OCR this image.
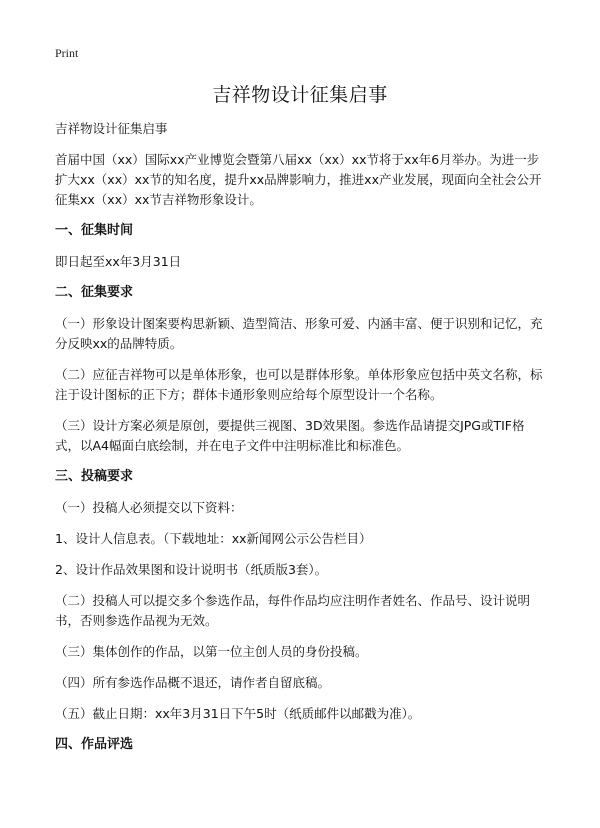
Print
吉祥物设计征集启事

吉祥物设计征集启事

首届中国（xx）国际xx产业博览会暨第八届xx（xx）xx节将于xx年6月举办。为进一步扩大xx（xx）xx节的知名度，提升xx品牌影响力，推进xx产业发展，现面向全社会公开征集xx（xx）xx节吉祥物形象设计。

一、征集时间

即日起至xx年3月31日

二、征集要求

（一）形象设计图案要构思新颖、造型简洁、形象可爱、内涵丰富、便于识别和记忆，充分反映xx的品牌特质。

（二）应征吉祥物可以是单体形象，也可以是群体形象。单体形象应包括中英文名称，标注于设计图标的正下方；群体卡通形象则应给每个原型设计一个名称。

（三）设计方案必须是原创，要提供三视图、3D效果图。参选作品请提交JPG或TIF格式，以A4幅面白底绘制，并在电子文件中注明标准比和标准色。

三、投稿要求

（一）投稿人必须提交以下资料：

1、设计人信息表。（下载地址：xx新闻网公示公告栏目）

2、设计作品效果图和设计说明书（纸质版3套）。

（二）投稿人可以提交多个参选作品，每件作品均应注明作者姓名、作品号、设计说明书，否则参选作品视为无效。

（三）集体创作的作品，以第一位主创人员的身份投稿。

（四）所有参选作品概不退还，请作者自留底稿。

（五）截止日期：xx年3月31日下午5时（纸质邮件以邮戳为准）。

四、作品评选
